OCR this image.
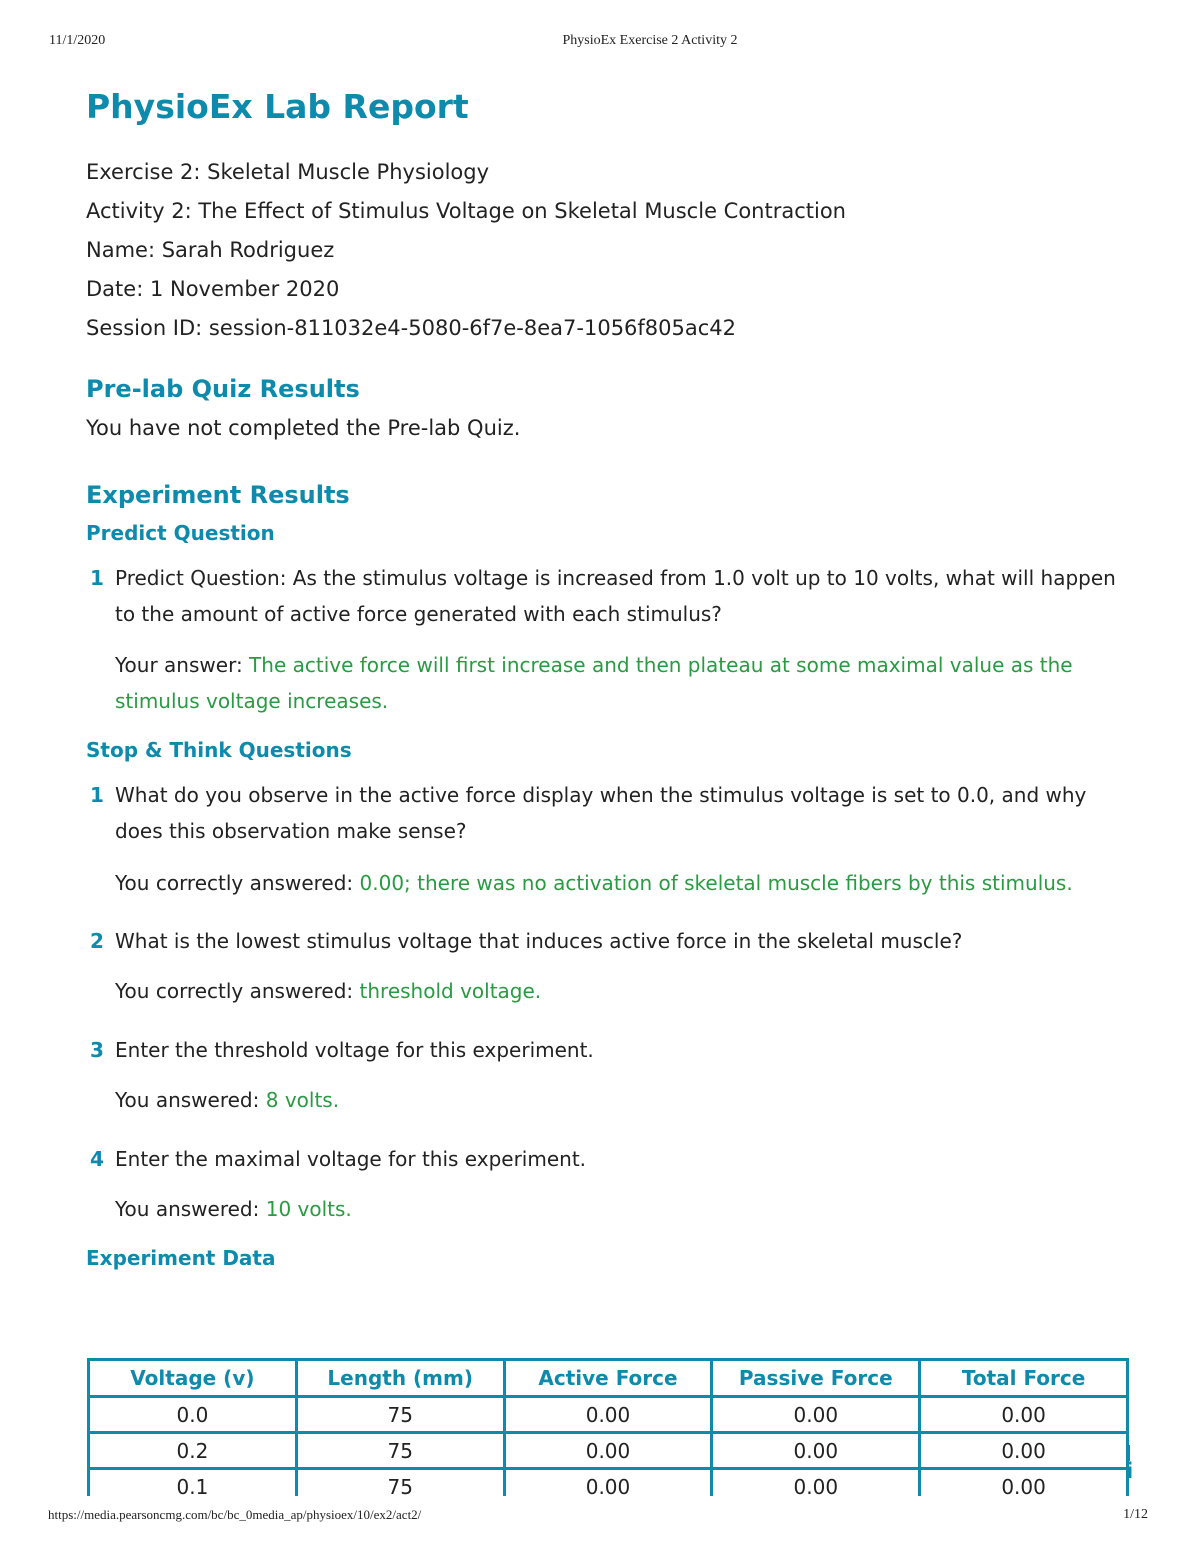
11/1/2020	PhysioEx Exercise 2 Activity 2
PhysioEx Lab Report
Exercise 2: Skeletal Muscle Physiology
Activity 2: The Effect of Stimulus Voltage on Skeletal Muscle Contraction
Name: Sarah Rodriguez
Date: 1 November 2020
Session ID: session-811032e4-5080-6f7e-8ea7-1056f805ac42
Pre-lab Quiz Results
You have not completed the Pre-lab Quiz.
Experiment Results
Predict Question
1 Predict Question: As the stimulus voltage is increased from 1.0 volt up to 10 volts, what will happen to the amount of active force generated with each stimulus?
Your answer: The active force will first increase and then plateau at some maximal value as the stimulus voltage increases.
Stop & Think Questions
1 What do you observe in the active force display when the stimulus voltage is set to 0.0, and why does this observation make sense?
You correctly answered: 0.00; there was no activation of skeletal muscle fibers by this stimulus.
2 What is the lowest stimulus voltage that induces active force in the skeletal muscle?
You correctly answered: threshold voltage.
3 Enter the threshold voltage for this experiment.
You answered: 8 volts.
4 Enter the maximal voltage for this experiment.
You answered: 10 volts.
Experiment Data
Voltage (v)	Length (mm)	Active Force	Passive Force	Total Force
0.0	75	0.00	0.00	0.00
0.2	75	0.00	0.00	0.00
0.1	75	0.00	0.00	0.00
i
https://media.pearsoncmg.com/bc/bc_0media_ap/physioex/10/ex2/act2/	1/12
